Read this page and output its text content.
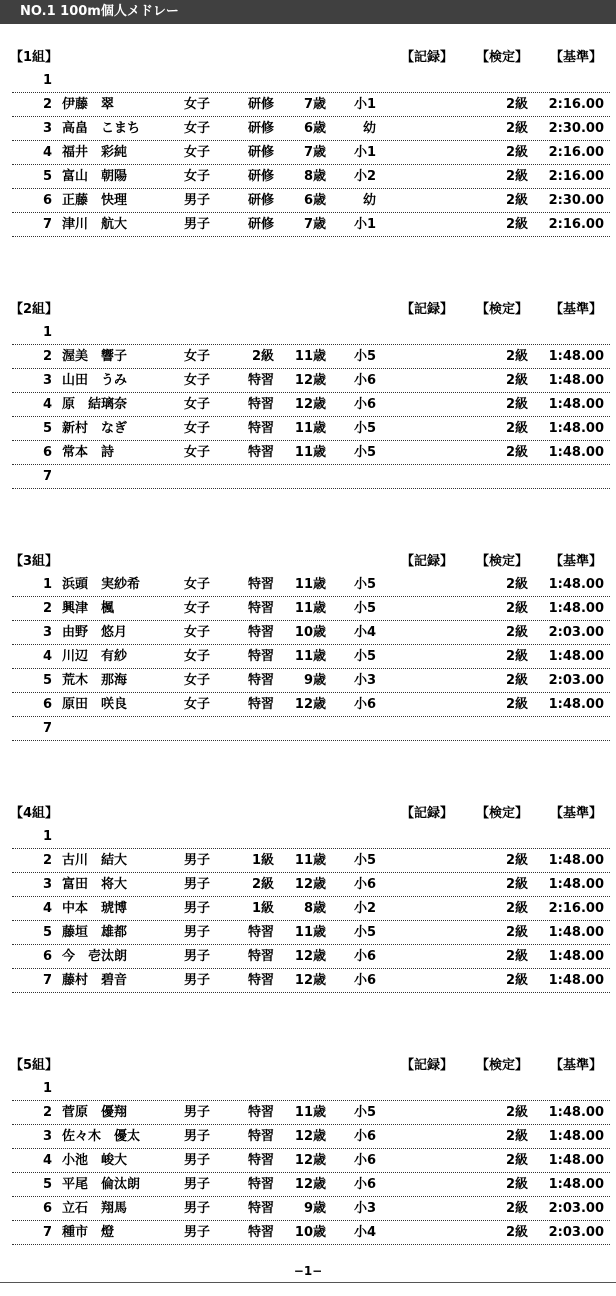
NO.1 100m個人メドレー
【1組】	【記録】 【検定】 【基準】
1
2 伊藤　翠	女子	研修	7歳	小1	2級	2:16.00
3 高畠　こまち	女子	研修	6歳	幼	2級	2:30.00
4 福井　彩純	女子	研修	7歳	小1	2級	2:16.00
5 富山　朝陽	女子	研修	8歳	小2	2級	2:16.00
6 正藤　快理	男子	研修	6歳	幼	2級	2:30.00
7 津川　航大	男子	研修	7歳	小1	2級	2:16.00
【2組】	【記録】 【検定】 【基準】
1
2 渥美　響子	女子	2級	11歳	小5	2級	1:48.00
3 山田　うみ	女子	特習	12歳	小6	2級	1:48.00
4 原　結璃奈	女子	特習	12歳	小6	2級	1:48.00
5 新村　なぎ	女子	特習	11歳	小5	2級	1:48.00
6 常本　詩	女子	特習	11歳	小5	2級	1:48.00
7
【3組】	【記録】 【検定】 【基準】
1 浜頭　実紗希	女子	特習	11歳	小5	2級	1:48.00
2 興津　楓	女子	特習	11歳	小5	2級	1:48.00
3 由野　悠月	女子	特習	10歳	小4	2級	2:03.00
4 川辺　有紗	女子	特習	11歳	小5	2級	1:48.00
5 荒木　那海	女子	特習	9歳	小3	2級	2:03.00
6 原田　咲良	女子	特習	12歳	小6	2級	1:48.00
7
【4組】	【記録】 【検定】 【基準】
1
2 古川　結大	男子	1級	11歳	小5	2級	1:48.00
3 富田　将大	男子	2級	12歳	小6	2級	1:48.00
4 中本　琥博	男子	1級	8歳	小2	2級	2:16.00
5 藤垣　雄都	男子	特習	11歳	小5	2級	1:48.00
6 今　壱汰朗	男子	特習	12歳	小6	2級	1:48.00
7 藤村　碧音	男子	特習	12歳	小6	2級	1:48.00
【5組】	【記録】 【検定】 【基準】
1
2 菅原　優翔	男子	特習	11歳	小5	2級	1:48.00
3 佐々木　優太	男子	特習	12歳	小6	2級	1:48.00
4 小池　峻大	男子	特習	12歳	小6	2級	1:48.00
5 平尾　倫汰朗	男子	特習	12歳	小6	2級	1:48.00
6 立石　翔馬	男子	特習	9歳	小3	2級	2:03.00
7 種市　燈	男子	特習	10歳	小4	2級	2:03.00
−1−
